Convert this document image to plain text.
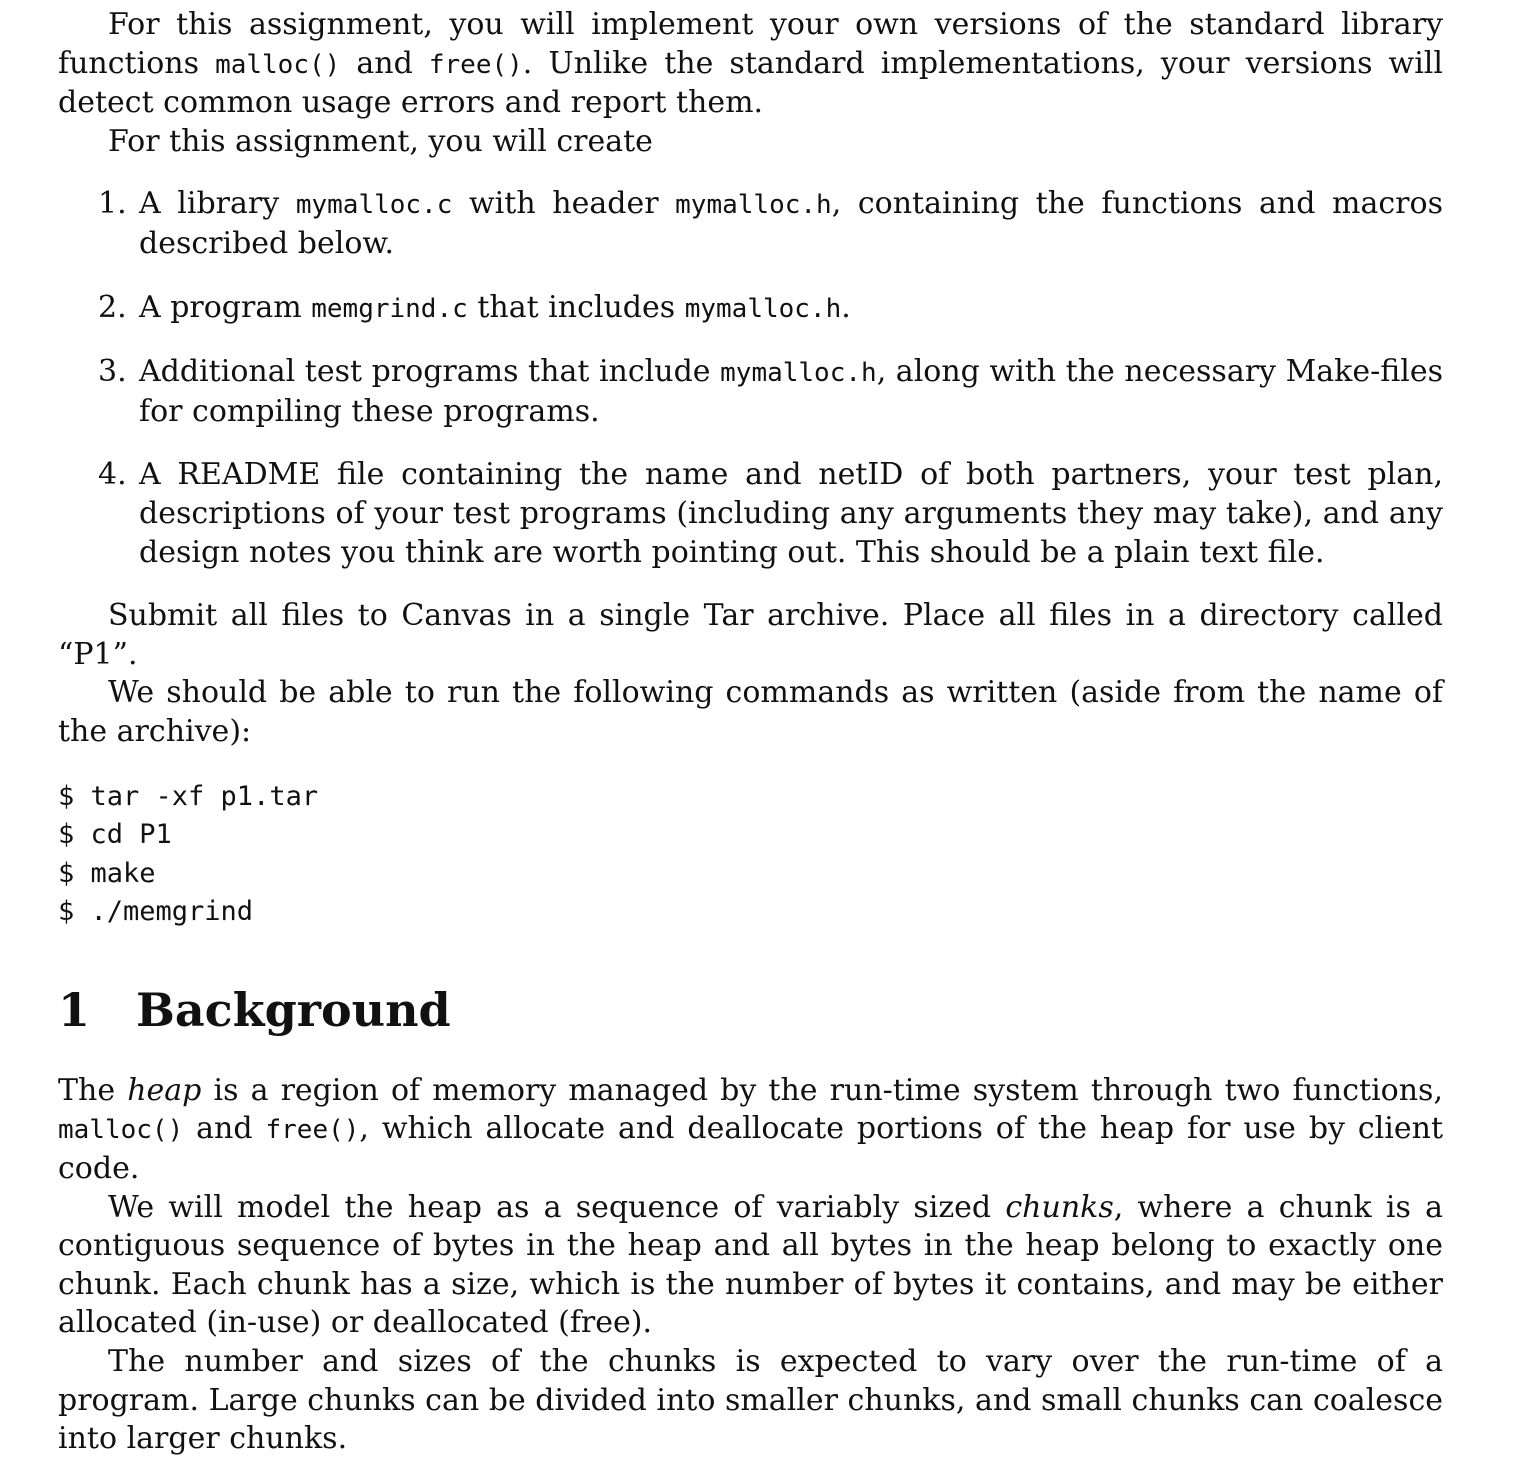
For this assignment, you will implement your own versions of the standard library functions malloc() and free(). Unlike the standard implementations, your versions will detect common usage errors and report them.

For this assignment, you will create

1. A library mymalloc.c with header mymalloc.h, containing the functions and macros described below.
2. A program memgrind.c that includes mymalloc.h.
3. Additional test programs that include mymalloc.h, along with the necessary Make-files for compiling these programs.
4. A README file containing the name and netID of both partners, your test plan, descriptions of your test programs (including any arguments they may take), and any design notes you think are worth pointing out. This should be a plain text file.

Submit all files to Canvas in a single Tar archive. Place all files in a directory called “P1”.

We should be able to run the following commands as written (aside from the name of the archive):

$ tar -xf p1.tar
$ cd P1
$ make
$ ./memgrind
1 Background

The heap is a region of memory managed by the run-time system through two functions, malloc() and free(), which allocate and deallocate portions of the heap for use by client code.

We will model the heap as a sequence of variably sized chunks, where a chunk is a contiguous sequence of bytes in the heap and all bytes in the heap belong to exactly one chunk. Each chunk has a size, which is the number of bytes it contains, and may be either allocated (in-use) or deallocated (free).

The number and sizes of the chunks is expected to vary over the run-time of a program. Large chunks can be divided into smaller chunks, and small chunks can coalesce into larger chunks.
